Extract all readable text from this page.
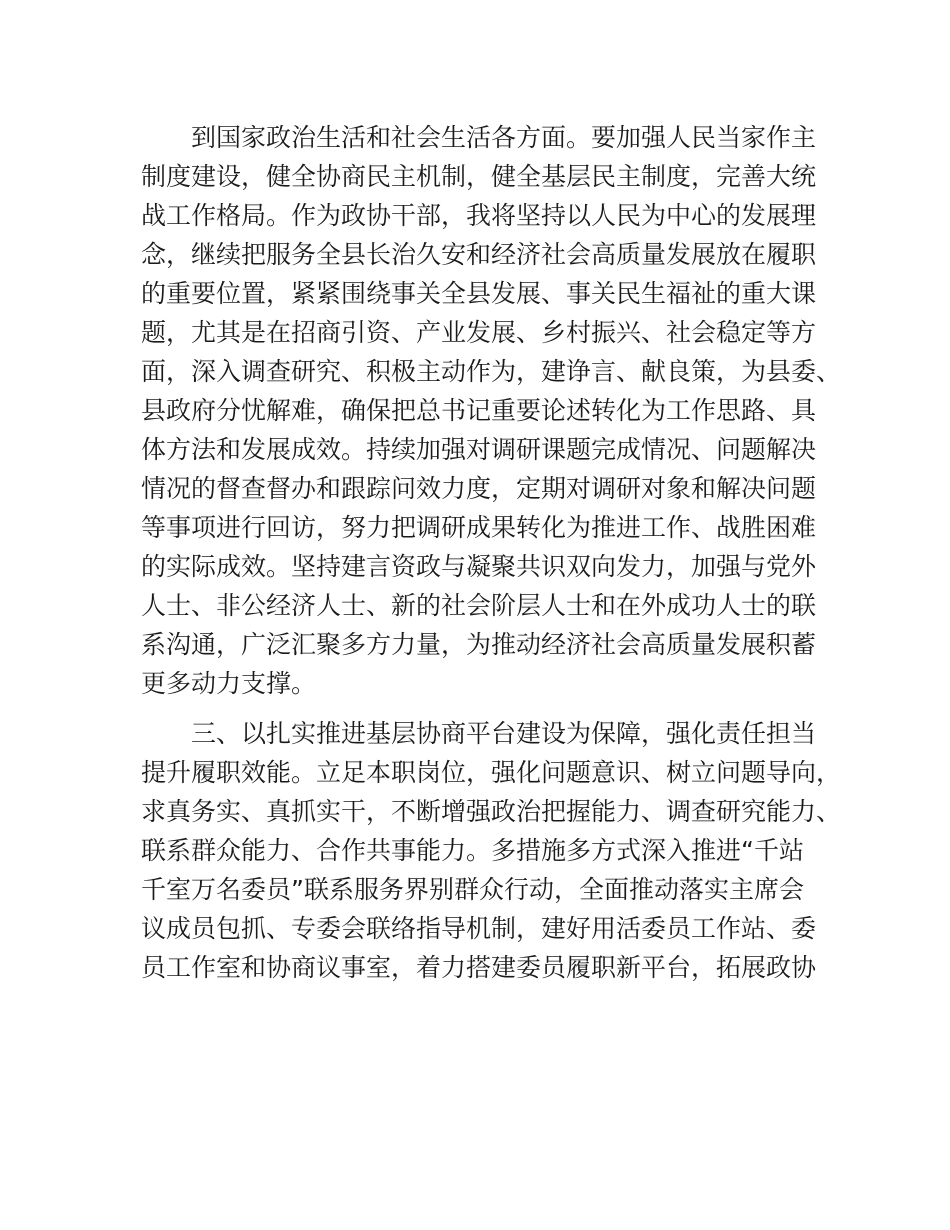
到国家政治生活和社会生活各方面。要加强人民当家作主
制度建设，健全协商民主机制，健全基层民主制度，完善大统
战工作格局。作为政协干部，我将坚持以人民为中心的发展理
念，继续把服务全县长治久安和经济社会高质量发展放在履职
的重要位置，紧紧围绕事关全县发展、事关民生福祉的重大课
题，尤其是在招商引资、产业发展、乡村振兴、社会稳定等方
面，深入调查研究、积极主动作为，建诤言、献良策，为县委、
县政府分忧解难，确保把总书记重要论述转化为工作思路、具
体方法和发展成效。持续加强对调研课题完成情况、问题解决
情况的督查督办和跟踪问效力度，定期对调研对象和解决问题
等事项进行回访，努力把调研成果转化为推进工作、战胜困难
的实际成效。坚持建言资政与凝聚共识双向发力，加强与党外
人士、非公经济人士、新的社会阶层人士和在外成功人士的联
系沟通，广泛汇聚多方力量，为推动经济社会高质量发展积蓄
更多动力支撑。
三、以扎实推进基层协商平台建设为保障，强化责任担当
提升履职效能。立足本职岗位，强化问题意识、树立问题导向，
求真务实、真抓实干，不断增强政治把握能力、调查研究能力、
联系群众能力、合作共事能力。多措施多方式深入推进“千站
千室万名委员”联系服务界别群众行动，全面推动落实主席会
议成员包抓、专委会联络指导机制，建好用活委员工作站、委
员工作室和协商议事室，着力搭建委员履职新平台，拓展政协
